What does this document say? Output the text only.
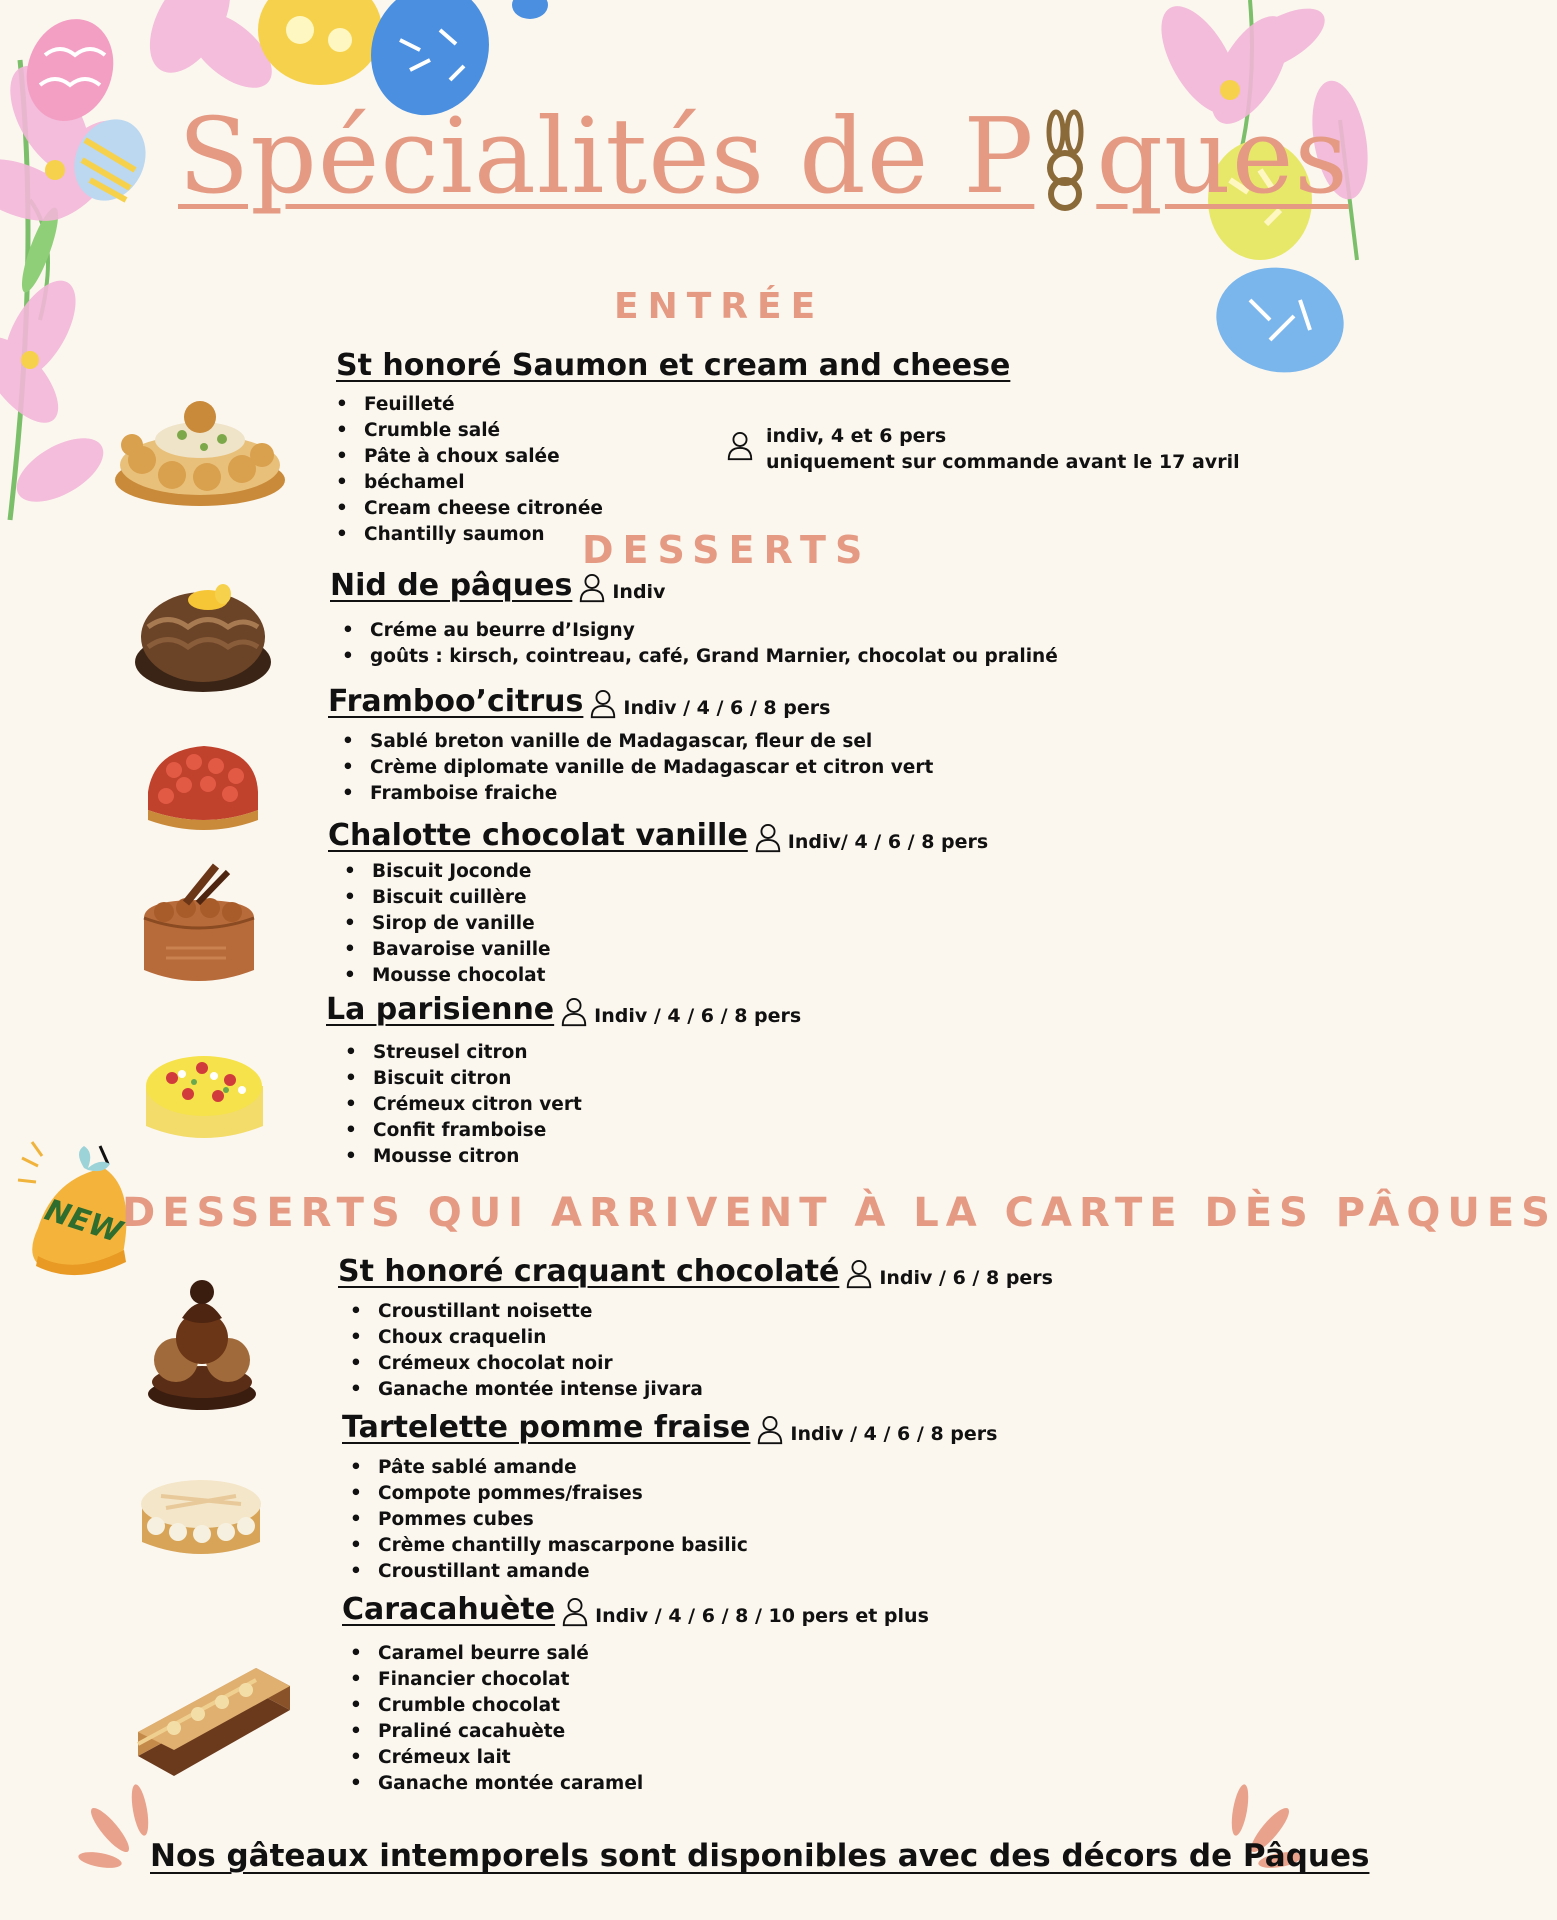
Spécialités de P ques
ENTRÉE
St honoré Saumon et cream and cheese
• Feuilleté
• Crumble salé
• Pâte à choux salée
• béchamel
• Cream cheese citronée
• Chantilly saumon
indiv, 4 et 6 pers
uniquement sur commande avant le 17 avril
DESSERTS
Nid de pâques Indiv
• Créme au beurre d’Isigny
• goûts : kirsch, cointreau, café, Grand Marnier, chocolat ou praliné
Framboo’citrus Indiv / 4 / 6 / 8 pers
• Sablé breton vanille de Madagascar, fleur de sel
• Crème diplomate vanille de Madagascar et citron vert
• Framboise fraiche
Chalotte chocolat vanille Indiv/ 4 / 6 / 8 pers
• Biscuit Joconde
• Biscuit cuillère
• Sirop de vanille
• Bavaroise vanille
• Mousse chocolat
La parisienne Indiv / 4 / 6 / 8 pers
• Streusel citron
• Biscuit citron
• Crémeux citron vert
• Confit framboise
• Mousse citron
NEW
DESSERTS QUI ARRIVENT À LA CARTE DÈS PÂQUES
St honoré craquant chocolaté Indiv / 6 / 8 pers
• Croustillant noisette
• Choux craquelin
• Crémeux chocolat noir
• Ganache montée intense jivara
Tartelette pomme fraise Indiv / 4 / 6 / 8 pers
• Pâte sablé amande
• Compote pommes/fraises
• Pommes cubes
• Crème chantilly mascarpone basilic
• Croustillant amande
Caracahuète Indiv / 4 / 6 / 8 / 10 pers et plus
• Caramel beurre salé
• Financier chocolat
• Crumble chocolat
• Praliné cacahuète
• Crémeux lait
• Ganache montée caramel
Nos gâteaux intemporels sont disponibles avec des décors de Pâques
